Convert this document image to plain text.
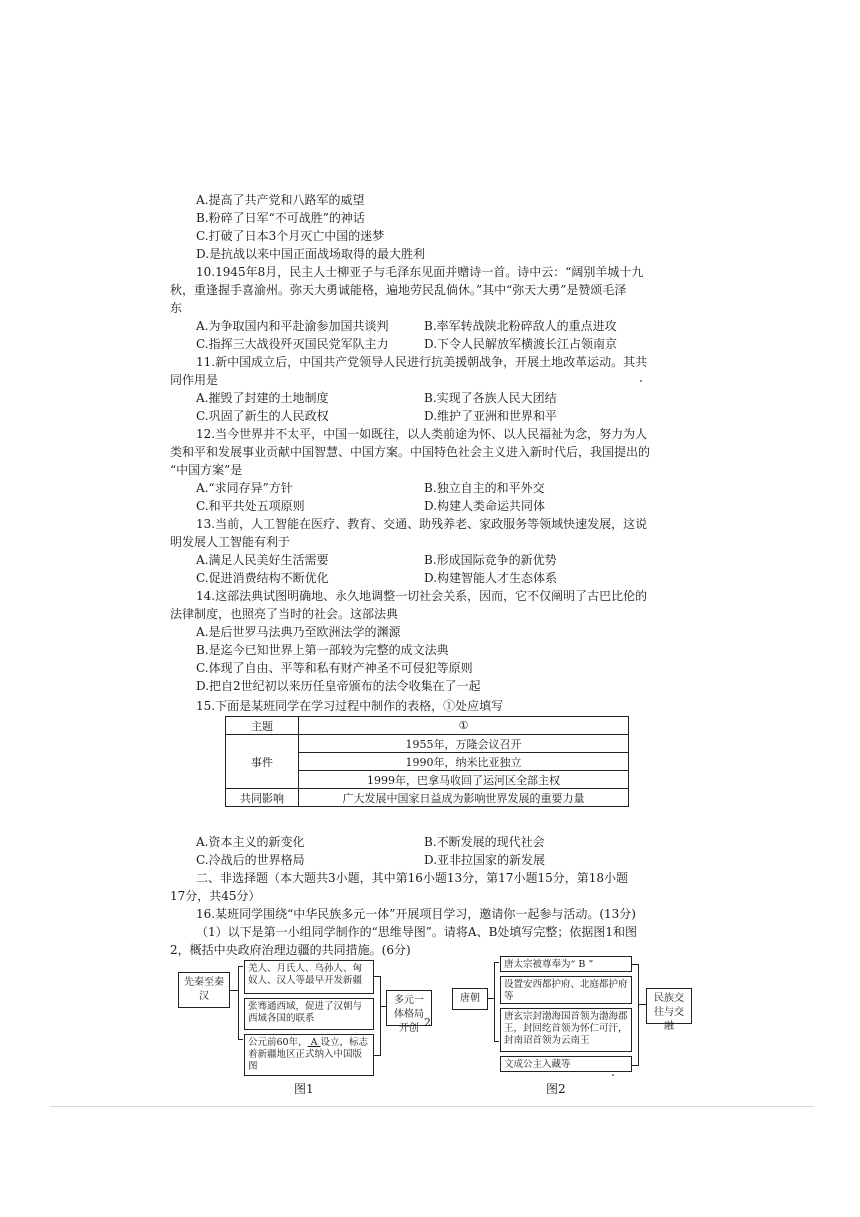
A.提高了共产党和八路军的威望
B.粉碎了日军“不可战胜”的神话
C.打破了日本3个月灭亡中国的迷梦
D.是抗战以来中国正面战场取得的最大胜利
10.1945年8月，民主人士柳亚子与毛泽东见面并赠诗一首。诗中云：“阔别羊城十九
秋，重逢握手喜渝州。弥天大勇诚能格，遍地劳民乱倘休。”其中“弥天大勇”是赞颂毛泽
东
A.为争取国内和平赴渝参加国共谈判	B.率军转战陕北粉碎敌人的重点进攻
C.指挥三大战役歼灭国民党军队主力	D.下令人民解放军横渡长江占领南京
11.新中国成立后，中国共产党领导人民进行抗美援朝战争，开展土地改革运动。其共
同作用是
A.摧毁了封建的土地制度	B.实现了各族人民大团结
C.巩固了新生的人民政权	D.维护了亚洲和世界和平
12.当今世界并不太平，中国一如既往，以人类前途为怀、以人民福祉为念，努力为人
类和平和发展事业贡献中国智慧、中国方案。中国特色社会主义进入新时代后，我国提出的
“中国方案”是
A.“求同存异”方针	B.独立自主的和平外交
C.和平共处五项原则	D.构建人类命运共同体
13.当前，人工智能在医疗、教育、交通、助残养老、家政服务等领域快速发展，这说
明发展人工智能有利于
A.满足人民美好生活需要	B.形成国际竞争的新优势
C.促进消费结构不断优化	D.构建智能人才生态体系
14.这部法典试图明确地、永久地调整一切社会关系，因而，它不仅阐明了古巴比伦的
法律制度，也照亮了当时的社会。这部法典
A.是后世罗马法典乃至欧洲法学的渊源
B.是迄今已知世界上第一部较为完整的成文法典
C.体现了自由、平等和私有财产神圣不可侵犯等原则
D.把自2世纪初以来历任皇帝颁布的法令收集在了一起
15.下面是某班同学在学习过程中制作的表格，①处应填写
主题	①
事件	1955年，万隆会议召开
	1990年，纳米比亚独立
	1999年，巴拿马收回了运河区全部主权
共同影响	广大发展中国家日益成为影响世界发展的重要力量
A.资本主义的新变化	B.不断发展的现代社会
C.冷战后的世界格局	D.亚非拉国家的新发展
二、非选择题（本大题共3小题，其中第16小题13分，第17小题15分，第18小题
17分，共45分）
16.某班同学围绕“中华民族多元一体”开展项目学习，邀请你一起参与活动。(13分)
（1）以下是第一小组同学制作的“思维导图”。请将A、B处填写完整；依据图1和图
2，概括中央政府治理边疆的共同措施。(6分)
先秦至秦汉
羌人、月氏人、乌孙人、匈奴人、汉人等最早开发新疆
张骞通西域，促进了汉朝与西域各国的联系
公元前60年， A 设立，标志着新疆地区正式纳入中国版图
多元一体格局开创
图1
唐朝
唐太宗被尊奉为“ B ”
设置安西都护府、北庭都护府等
唐玄宗封渤海国首领为渤海郡王，封回纥首领为怀仁可汗，封南诏首领为云南王
文成公主入藏等
民族交往与交融
图2
2
